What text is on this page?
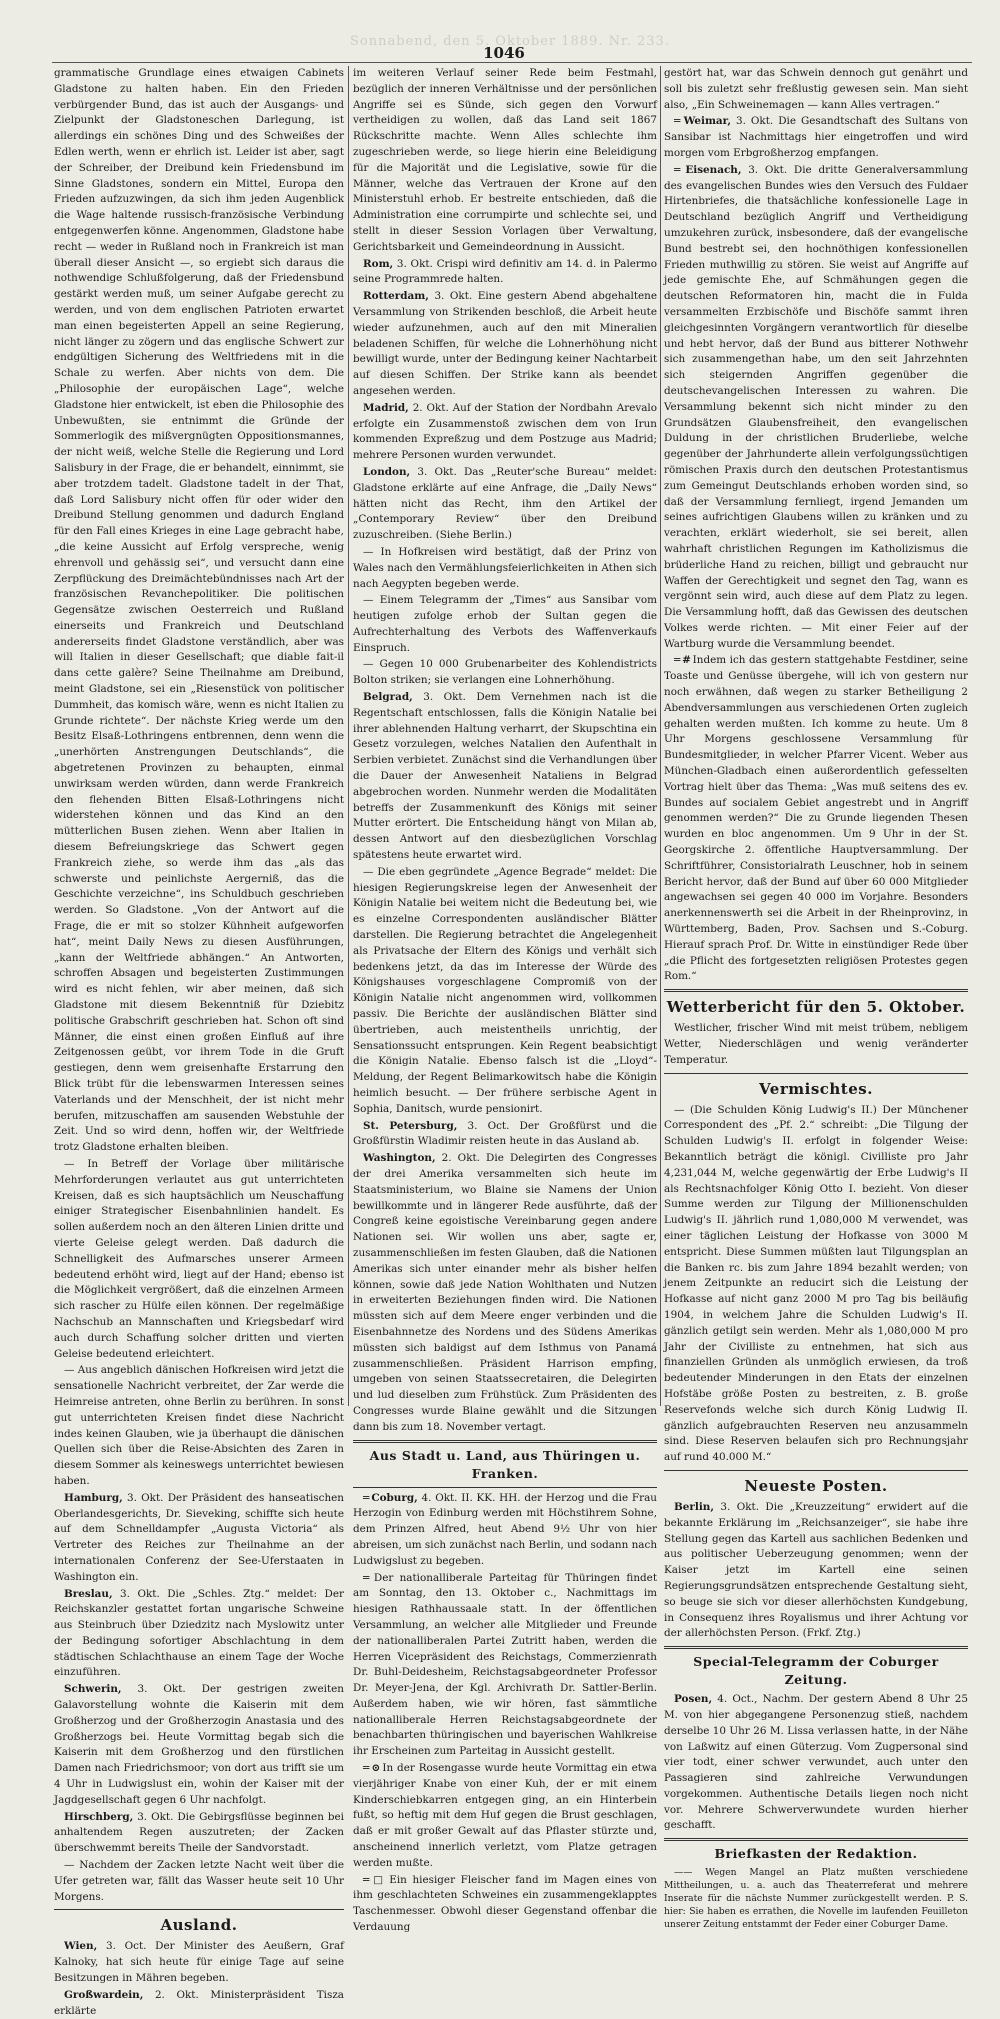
Sonnabend, den 5. Oktober 1889. Nr. 233.
1046

grammatische Grundlage eines etwaigen Cabinets Gladstone zu halten haben. Ein den Frieden verbürgender Bund, das ist auch der Ausgangs- und Zielpunkt der Gladstoneschen Darlegung, ist allerdings ein schönes Ding und des Schweißes der Edlen werth, wenn er ehrlich ist. Leider ist aber, sagt der Schreiber, der Dreibund kein Friedensbund im Sinne Gladstones, sondern ein Mittel, Europa den Frieden aufzuzwingen, da sich ihm jeden Augenblick die Wage haltende russisch-französische Verbindung entgegenwerfen könne. Angenommen, Gladstone habe recht — weder in Rußland noch in Frankreich ist man überall dieser Ansicht —, so ergiebt sich daraus die nothwendige Schlußfolgerung, daß der Friedensbund gestärkt werden muß, um seiner Aufgabe gerecht zu werden, und von dem englischen Patrioten erwartet man einen begeisterten Appell an seine Regierung, nicht länger zu zögern und das englische Schwert zur endgültigen Sicherung des Weltfriedens mit in die Schale zu werfen. Aber nichts von dem. Die „Philosophie der europäischen Lage“, welche Gladstone hier entwickelt, ist eben die Philosophie des Unbewußten, sie entnimmt die Gründe der Sommerlogik des mißvergnügten Oppositionsmannes, der nicht weiß, welche Stelle die Regierung und Lord Salisbury in der Frage, die er behandelt, einnimmt, sie aber trotzdem tadelt. Gladstone tadelt in der That, daß Lord Salisbury nicht offen für oder wider den Dreibund Stellung genommen und dadurch England für den Fall eines Krieges in eine Lage gebracht habe, „die keine Aussicht auf Erfolg verspreche, wenig ehrenvoll und gehässig sei“, und versucht dann eine Zerpflückung des Dreimächtebündnisses nach Art der französischen Revanchepolitiker. Die politischen Gegensätze zwischen Oesterreich und Rußland einerseits und Frankreich und Deutschland andererseits findet Gladstone verständlich, aber was will Italien in dieser Gesellschaft; que diable fait-il dans cette galère? Seine Theilnahme am Dreibund, meint Gladstone, sei ein „Riesenstück von politischer Dummheit, das komisch wäre, wenn es nicht Italien zu Grunde richtete“. Der nächste Krieg werde um den Besitz Elsaß-Lothringens entbrennen, denn wenn die „unerhörten Anstrengungen Deutschlands“, die abgetretenen Provinzen zu behaupten, einmal unwirksam werden würden, dann werde Frankreich den flehenden Bitten Elsaß-Lothringens nicht widerstehen können und das Kind an den mütterlichen Busen ziehen. Wenn aber Italien in diesem Befreiungskriege das Schwert gegen Frankreich ziehe, so werde ihm das „als das schwerste und peinlichste Aergerniß, das die Geschichte verzeichne“, ins Schuldbuch geschrieben werden. So Gladstone. „Von der Antwort auf die Frage, die er mit so stolzer Kühnheit aufgeworfen hat“, meint Daily News zu diesen Ausführungen, „kann der Weltfriede abhängen.“ An Antworten, schroffen Absagen und begeisterten Zustimmungen wird es nicht fehlen, wir aber meinen, daß sich Gladstone mit diesem Bekenntniß für Dziebitz politische Grabschrift geschrieben hat. Schon oft sind Männer, die einst einen großen Einfluß auf ihre Zeitgenossen geübt, vor ihrem Tode in die Gruft gestiegen, denn wem greisenhafte Erstarrung den Blick trübt für die lebenswarmen Interessen seines Vaterlands und der Menschheit, der ist nicht mehr berufen, mitzuschaffen am sausenden Webstuhle der Zeit. Und so wird denn, hoffen wir, der Weltfriede trotz Gladstone erhalten bleiben.

— In Betreff der Vorlage über militärische Mehrforderungen verlautet aus gut unterrichteten Kreisen, daß es sich hauptsächlich um Neuschaffung einiger Strategischer Eisenbahnlinien handelt. Es sollen außerdem noch an den älteren Linien dritte und vierte Geleise gelegt werden. Daß dadurch die Schnelligkeit des Aufmarsches unserer Armeen bedeutend erhöht wird, liegt auf der Hand; ebenso ist die Möglichkeit vergrößert, daß die einzelnen Armeen sich rascher zu Hülfe eilen können. Der regelmäßige Nachschub an Mannschaften und Kriegsbedarf wird auch durch Schaffung solcher dritten und vierten Geleise bedeutend erleichtert.

— Aus angeblich dänischen Hofkreisen wird jetzt die sensationelle Nachricht verbreitet, der Zar werde die Heimreise antreten, ohne Berlin zu berühren. In sonst gut unterrichteten Kreisen findet diese Nachricht indes keinen Glauben, wie ja überhaupt die dänischen Quellen sich über die Reise-Absichten des Zaren in diesem Sommer als keineswegs unterrichtet bewiesen haben.

Hamburg, 3. Okt. Der Präsident des hanseatischen Oberlandesgerichts, Dr. Sieveking, schiffte sich heute auf dem Schnelldampfer „Augusta Victoria“ als Vertreter des Reiches zur Theilnahme an der internationalen Conferenz der See-Uferstaaten in Washington ein.

Breslau, 3. Okt. Die „Schles. Ztg.“ meldet: Der Reichskanzler gestattet fortan ungarische Schweine aus Steinbruch über Dziedzitz nach Myslowitz unter der Bedingung sofortiger Abschlachtung in dem städtischen Schlachthause an einem Tage der Woche einzuführen.

Schwerin, 3. Okt. Der gestrigen zweiten Galavorstellung wohnte die Kaiserin mit dem Großherzog und der Großherzogin Anastasia und des Großherzogs bei. Heute Vormittag begab sich die Kaiserin mit dem Großherzog und den fürstlichen Damen nach Friedrichsmoor; von dort aus trifft sie um 4 Uhr in Ludwigslust ein, wohin der Kaiser mit der Jagdgesellschaft gegen 6 Uhr nachfolgt.

Hirschberg, 3. Okt. Die Gebirgsflüsse beginnen bei anhaltendem Regen auszutreten; der Zacken überschwemmt bereits Theile der Sandvorstadt.

— Nachdem der Zacken letzte Nacht weit über die Ufer getreten war, fällt das Wasser heute seit 10 Uhr Morgens.

Ausland.

Wien, 3. Oct. Der Minister des Aeußern, Graf Kalnoky, hat sich heute für einige Tage auf seine Besitzungen in Mähren begeben.

Großwardein, 2. Okt. Ministerpräsident Tisza erklärte

im weiteren Verlauf seiner Rede beim Festmahl, bezüglich der inneren Verhältnisse und der persönlichen Angriffe sei es Sünde, sich gegen den Vorwurf vertheidigen zu wollen, daß das Land seit 1867 Rückschritte machte. Wenn Alles schlechte ihm zugeschrieben werde, so liege hierin eine Beleidigung für die Majorität und die Legislative, sowie für die Männer, welche das Vertrauen der Krone auf den Ministerstuhl erhob. Er bestreite entschieden, daß die Administration eine corrumpirte und schlechte sei, und stellt in dieser Session Vorlagen über Verwaltung, Gerichtsbarkeit und Gemeindeordnung in Aussicht.

Rom, 3. Okt. Crispi wird definitiv am 14. d. in Palermo seine Programmrede halten.

Rotterdam, 3. Okt. Eine gestern Abend abgehaltene Versammlung von Strikenden beschloß, die Arbeit heute wieder aufzunehmen, auch auf den mit Mineralien beladenen Schiffen, für welche die Lohnerhöhung nicht bewilligt wurde, unter der Bedingung keiner Nachtarbeit auf diesen Schiffen. Der Strike kann als beendet angesehen werden.

Madrid, 2. Okt. Auf der Station der Nordbahn Arevalo erfolgte ein Zusammenstoß zwischen dem von Irun kommenden Expreßzug und dem Postzuge aus Madrid; mehrere Personen wurden verwundet.

London, 3. Okt. Das „Reuter'sche Bureau“ meldet: Gladstone erklärte auf eine Anfrage, die „Daily News“ hätten nicht das Recht, ihm den Artikel der „Contemporary Review“ über den Dreibund zuzuschreiben. (Siehe Berlin.)

— In Hofkreisen wird bestätigt, daß der Prinz von Wales nach den Vermählungsfeierlichkeiten in Athen sich nach Aegypten begeben werde.

— Einem Telegramm der „Times“ aus Sansibar vom heutigen zufolge erhob der Sultan gegen die Aufrechterhaltung des Verbots des Waffenverkaufs Einspruch.

— Gegen 10 000 Grubenarbeiter des Kohlendistricts Bolton striken; sie verlangen eine Lohnerhöhung.

Belgrad, 3. Okt. Dem Vernehmen nach ist die Regentschaft entschlossen, falls die Königin Natalie bei ihrer ablehnenden Haltung verharrt, der Skupschtina ein Gesetz vorzulegen, welches Natalien den Aufenthalt in Serbien verbietet. Zunächst sind die Verhandlungen über die Dauer der Anwesenheit Nataliens in Belgrad abgebrochen worden. Nunmehr werden die Modalitäten betreffs der Zusammenkunft des Königs mit seiner Mutter erörtert. Die Entscheidung hängt von Milan ab, dessen Antwort auf den diesbezüglichen Vorschlag spätestens heute erwartet wird.

— Die eben gegründete „Agence Begrade“ meldet: Die hiesigen Regierungskreise legen der Anwesenheit der Königin Natalie bei weitem nicht die Bedeutung bei, wie es einzelne Correspondenten ausländischer Blätter darstellen. Die Regierung betrachtet die Angelegenheit als Privatsache der Eltern des Königs und verhält sich bedenkens jetzt, da das im Interesse der Würde des Königshauses vorgeschlagene Compromiß von der Königin Natalie nicht angenommen wird, vollkommen passiv. Die Berichte der ausländischen Blätter sind übertrieben, auch meistentheils unrichtig, der Sensationssucht entsprungen. Kein Regent beabsichtigt die Königin Natalie. Ebenso falsch ist die „Lloyd“-Meldung, der Regent Belimarkowitsch habe die Königin heimlich besucht. — Der frühere serbische Agent in Sophia, Danitsch, wurde pensionirt.

St. Petersburg, 3. Oct. Der Großfürst und die Großfürstin Wladimir reisten heute in das Ausland ab.

Washington, 2. Okt. Die Delegirten des Congresses der drei Amerika versammelten sich heute im Staatsministerium, wo Blaine sie Namens der Union bewillkommte und in längerer Rede ausführte, daß der Congreß keine egoistische Vereinbarung gegen andere Nationen sei. Wir wollen uns aber, sagte er, zusammenschließen im festen Glauben, daß die Nationen Amerikas sich unter einander mehr als bisher helfen können, sowie daß jede Nation Wohlthaten und Nutzen in erweiterten Beziehungen finden wird. Die Nationen müssten sich auf dem Meere enger verbinden und die Eisenbahnnetze des Nordens und des Südens Amerikas müssten sich baldigst auf dem Isthmus von Panamá zusammenschließen. Präsident Harrison empfing, umgeben von seinen Staatssecretairen, die Delegirten und lud dieselben zum Frühstück. Zum Präsidenten des Congresses wurde Blaine gewählt und die Sitzungen dann bis zum 18. November vertagt.

Aus Stadt u. Land, aus Thüringen u. Franken.

═ Coburg, 4. Okt. II. KK. HH. der Herzog und die Frau Herzogin von Edinburg werden mit Höchstihrem Sohne, dem Prinzen Alfred, heut Abend 9½ Uhr von hier abreisen, um sich zunächst nach Berlin, und sodann nach Ludwigslust zu begeben.

═ Der nationalliberale Parteitag für Thüringen findet am Sonntag, den 13. Oktober c., Nachmittags im hiesigen Rathhaussaale statt. In der öffentlichen Versammlung, an welcher alle Mitglieder und Freunde der nationalliberalen Partei Zutritt haben, werden die Herren Vicepräsident des Reichstags, Commerzienrath Dr. Buhl-Deidesheim, Reichstagsabgeordneter Professor Dr. Meyer-Jena, der Kgl. Archivrath Dr. Sattler-Berlin. Außerdem haben, wie wir hören, fast sämmtliche nationalliberale Herren Reichstagsabgeordnete der benachbarten thüringischen und bayerischen Wahlkreise ihr Erscheinen zum Parteitag in Aussicht gestellt.

═ ⊙ In der Rosengasse wurde heute Vormittag ein etwa vierjähriger Knabe von einer Kuh, der er mit einem Kinderschiebkarren entgegen ging, an ein Hinterbein fußt, so heftig mit dem Huf gegen die Brust geschlagen, daß er mit großer Gewalt auf das Pflaster stürzte und, anscheinend innerlich verletzt, vom Platze getragen werden mußte.

═ □ Ein hiesiger Fleischer fand im Magen eines von ihm geschlachteten Schweines ein zusammengeklapptes Taschenmesser. Obwohl dieser Gegenstand offenbar die Verdauung

gestört hat, war das Schwein dennoch gut genährt und soll bis zuletzt sehr freßlustig gewesen sein. Man sieht also, „Ein Schweinemagen — kann Alles vertragen.“

═ Weimar, 3. Okt. Die Gesandtschaft des Sultans von Sansibar ist Nachmittags hier eingetroffen und wird morgen vom Erbgroßherzog empfangen.

═ Eisenach, 3. Okt. Die dritte Generalversammlung des evangelischen Bundes wies den Versuch des Fuldaer Hirtenbriefes, die thatsächliche konfessionelle Lage in Deutschland bezüglich Angriff und Vertheidigung umzukehren zurück, insbesondere, daß der evangelische Bund bestrebt sei, den hochnöthigen konfessionellen Frieden muthwillig zu stören. Sie weist auf Angriffe auf jede gemischte Ehe, auf Schmähungen gegen die deutschen Reformatoren hin, macht die in Fulda versammelten Erzbischöfe und Bischöfe sammt ihren gleichgesinnten Vorgängern verantwortlich für dieselbe und hebt hervor, daß der Bund aus bitterer Nothwehr sich zusammengethan habe, um den seit Jahrzehnten sich steigernden Angriffen gegenüber die deutschevangelischen Interessen zu wahren. Die Versammlung bekennt sich nicht minder zu den Grundsätzen Glaubensfreiheit, den evangelischen Duldung in der christlichen Bruderliebe, welche gegenüber der Jahrhunderte allein verfolgungssüchtigen römischen Praxis durch den deutschen Protestantismus zum Gemeingut Deutschlands erhoben worden sind, so daß der Versammlung fernliegt, irgend Jemanden um seines aufrichtigen Glaubens willen zu kränken und zu verachten, erklärt wiederholt, sie sei bereit, allen wahrhaft christlichen Regungen im Katholizismus die brüderliche Hand zu reichen, billigt und gebraucht nur Waffen der Gerechtigkeit und segnet den Tag, wann es vergönnt sein wird, auch diese auf dem Platz zu legen. Die Versammlung hofft, daß das Gewissen des deutschen Volkes werde richten. — Mit einer Feier auf der Wartburg wurde die Versammlung beendet.

═ # Indem ich das gestern stattgehabte Festdiner, seine Toaste und Genüsse übergehe, will ich von gestern nur noch erwähnen, daß wegen zu starker Betheiligung 2 Abendversammlungen aus verschiedenen Orten zugleich gehalten werden mußten. Ich komme zu heute. Um 8 Uhr Morgens geschlossene Versammlung für Bundesmitglieder, in welcher Pfarrer Vicent. Weber aus München-Gladbach einen außerordentlich gefesselten Vortrag hielt über das Thema: „Was muß seitens des ev. Bundes auf socialem Gebiet angestrebt und in Angriff genommen werden?“ Die zu Grunde liegenden Thesen wurden en bloc angenommen. Um 9 Uhr in der St. Georgskirche 2. öffentliche Hauptversammlung. Der Schriftführer, Consistorialrath Leuschner, hob in seinem Bericht hervor, daß der Bund auf über 60 000 Mitglieder angewachsen sei gegen 40 000 im Vorjahre. Besonders anerkennenswerth sei die Arbeit in der Rheinprovinz, in Württemberg, Baden, Prov. Sachsen und S.-Coburg. Hierauf sprach Prof. Dr. Witte in einstündiger Rede über „die Pflicht des fortgesetzten religiösen Protestes gegen Rom.“

Wetterbericht für den 5. Oktober.

Westlicher, frischer Wind mit meist trübem, nebligem Wetter, Niederschlägen und wenig veränderter Temperatur.

Vermischtes.

— (Die Schulden König Ludwig's II.) Der Münchener Correspondent des „Pf. 2.“ schreibt: „Die Tilgung der Schulden Ludwig's II. erfolgt in folgender Weise: Bekanntlich beträgt die königl. Civilliste pro Jahr 4,231,044 M, welche gegenwärtig der Erbe Ludwig's II als Rechtsnachfolger König Otto I. bezieht. Von dieser Summe werden zur Tilgung der Millionenschulden Ludwig's II. jährlich rund 1,080,000 M verwendet, was einer täglichen Leistung der Hofkasse von 3000 M entspricht. Diese Summen müßten laut Tilgungsplan an die Banken rc. bis zum Jahre 1894 bezahlt werden; von jenem Zeitpunkte an reducirt sich die Leistung der Hofkasse auf nicht ganz 2000 M pro Tag bis beiläufig 1904, in welchem Jahre die Schulden Ludwig's II. gänzlich getilgt sein werden. Mehr als 1,080,000 M pro Jahr der Civilliste zu entnehmen, hat sich aus finanziellen Gründen als unmöglich erwiesen, da troß bedeutender Minderungen in den Etats der einzelnen Hofstäbe größe Posten zu bestreiten, z. B. große Reservefonds welche sich durch König Ludwig II. gänzlich aufgebrauchten Reserven neu anzusammeln sind. Diese Reserven belaufen sich pro Rechnungsjahr auf rund 40.000 M.“

Neueste Posten.

Berlin, 3. Okt. Die „Kreuzzeitung“ erwidert auf die bekannte Erklärung im „Reichsanzeiger“, sie habe ihre Stellung gegen das Kartell aus sachlichen Bedenken und aus politischer Ueberzeugung genommen; wenn der Kaiser jetzt im Kartell eine seinen Regierungsgrundsätzen entsprechende Gestaltung sieht, so beuge sie sich vor dieser allerhöchsten Kundgebung, in Consequenz ihres Royalismus und ihrer Achtung vor der allerhöchsten Person. (Frkf. Ztg.)

Special-Telegramm der Coburger Zeitung.

Posen, 4. Oct., Nachm. Der gestern Abend 8 Uhr 25 M. von hier abgegangene Personenzug stieß, nachdem derselbe 10 Uhr 26 M. Lissa verlassen hatte, in der Nähe von Laßwitz auf einen Güterzug. Vom Zugpersonal sind vier todt, einer schwer verwundet, auch unter den Passagieren sind zahlreiche Verwundungen vorgekommen. Authentische Details liegen noch nicht vor. Mehrere Schwerverwundete wurden hierher geschafft.

Briefkasten der Redaktion.

—— Wegen Mangel an Platz mußten verschiedene Mittheilungen, u. a. auch das Theaterreferat und mehrere Inserate für die nächste Nummer zurückgestellt werden. P. S. hier: Sie haben es errathen, die Novelle im laufenden Feuilleton unserer Zeitung entstammt der Feder einer Coburger Dame.
